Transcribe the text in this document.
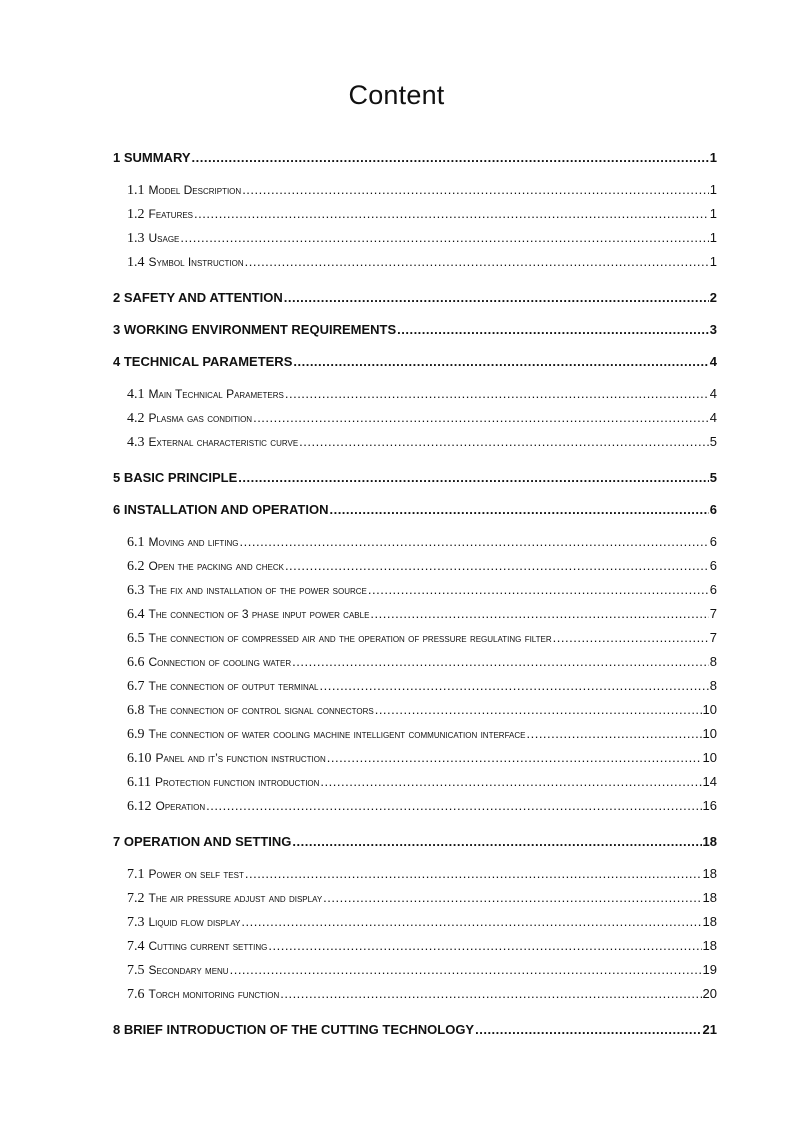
Content
1 SUMMARY .....	1
1.1 Model Description .....	1
1.2 Features .....	1
1.3 Usage .....	1
1.4 Symbol Instruction .....	1
2 SAFETY AND ATTENTION .....	2
3 WORKING ENVIRONMENT REQUIREMENTS .....	3
4 TECHNICAL PARAMETERS .....	4
4.1 Main Technical Parameters .....	4
4.2 Plasma gas condition .....	4
4.3 External characteristic curve .....	5
5 BASIC PRINCIPLE .....	5
6 INSTALLATION AND OPERATION .....	6
6.1 Moving and lifting .....	6
6.2 Open the packing and check .....	6
6.3 The fix and installation of the power source .....	6
6.4 The connection of 3 phase input power cable .....	7
6.5 The connection of compressed air and the operation of pressure regulating filter .....	7
6.6 Connection of cooling water .....	8
6.7 The connection of output terminal .....	8
6.8 The connection of control signal connectors .....	10
6.9 The connection of water cooling machine intelligent communication interface .....	10
6.10 Panel and it’s function instruction .....	10
6.11 Protection function introduction .....	14
6.12 Operation .....	16
7 OPERATION AND SETTING .....	18
7.1 Power on self test .....	18
7.2 The air pressure adjust and display .....	18
7.3 Liquid flow display .....	18
7.4 Cutting current setting .....	18
7.5 Secondary menu .....	19
7.6 Torch monitoring function .....	20
8 BRIEF INTRODUCTION OF THE CUTTING TECHNOLOGY .....	21
